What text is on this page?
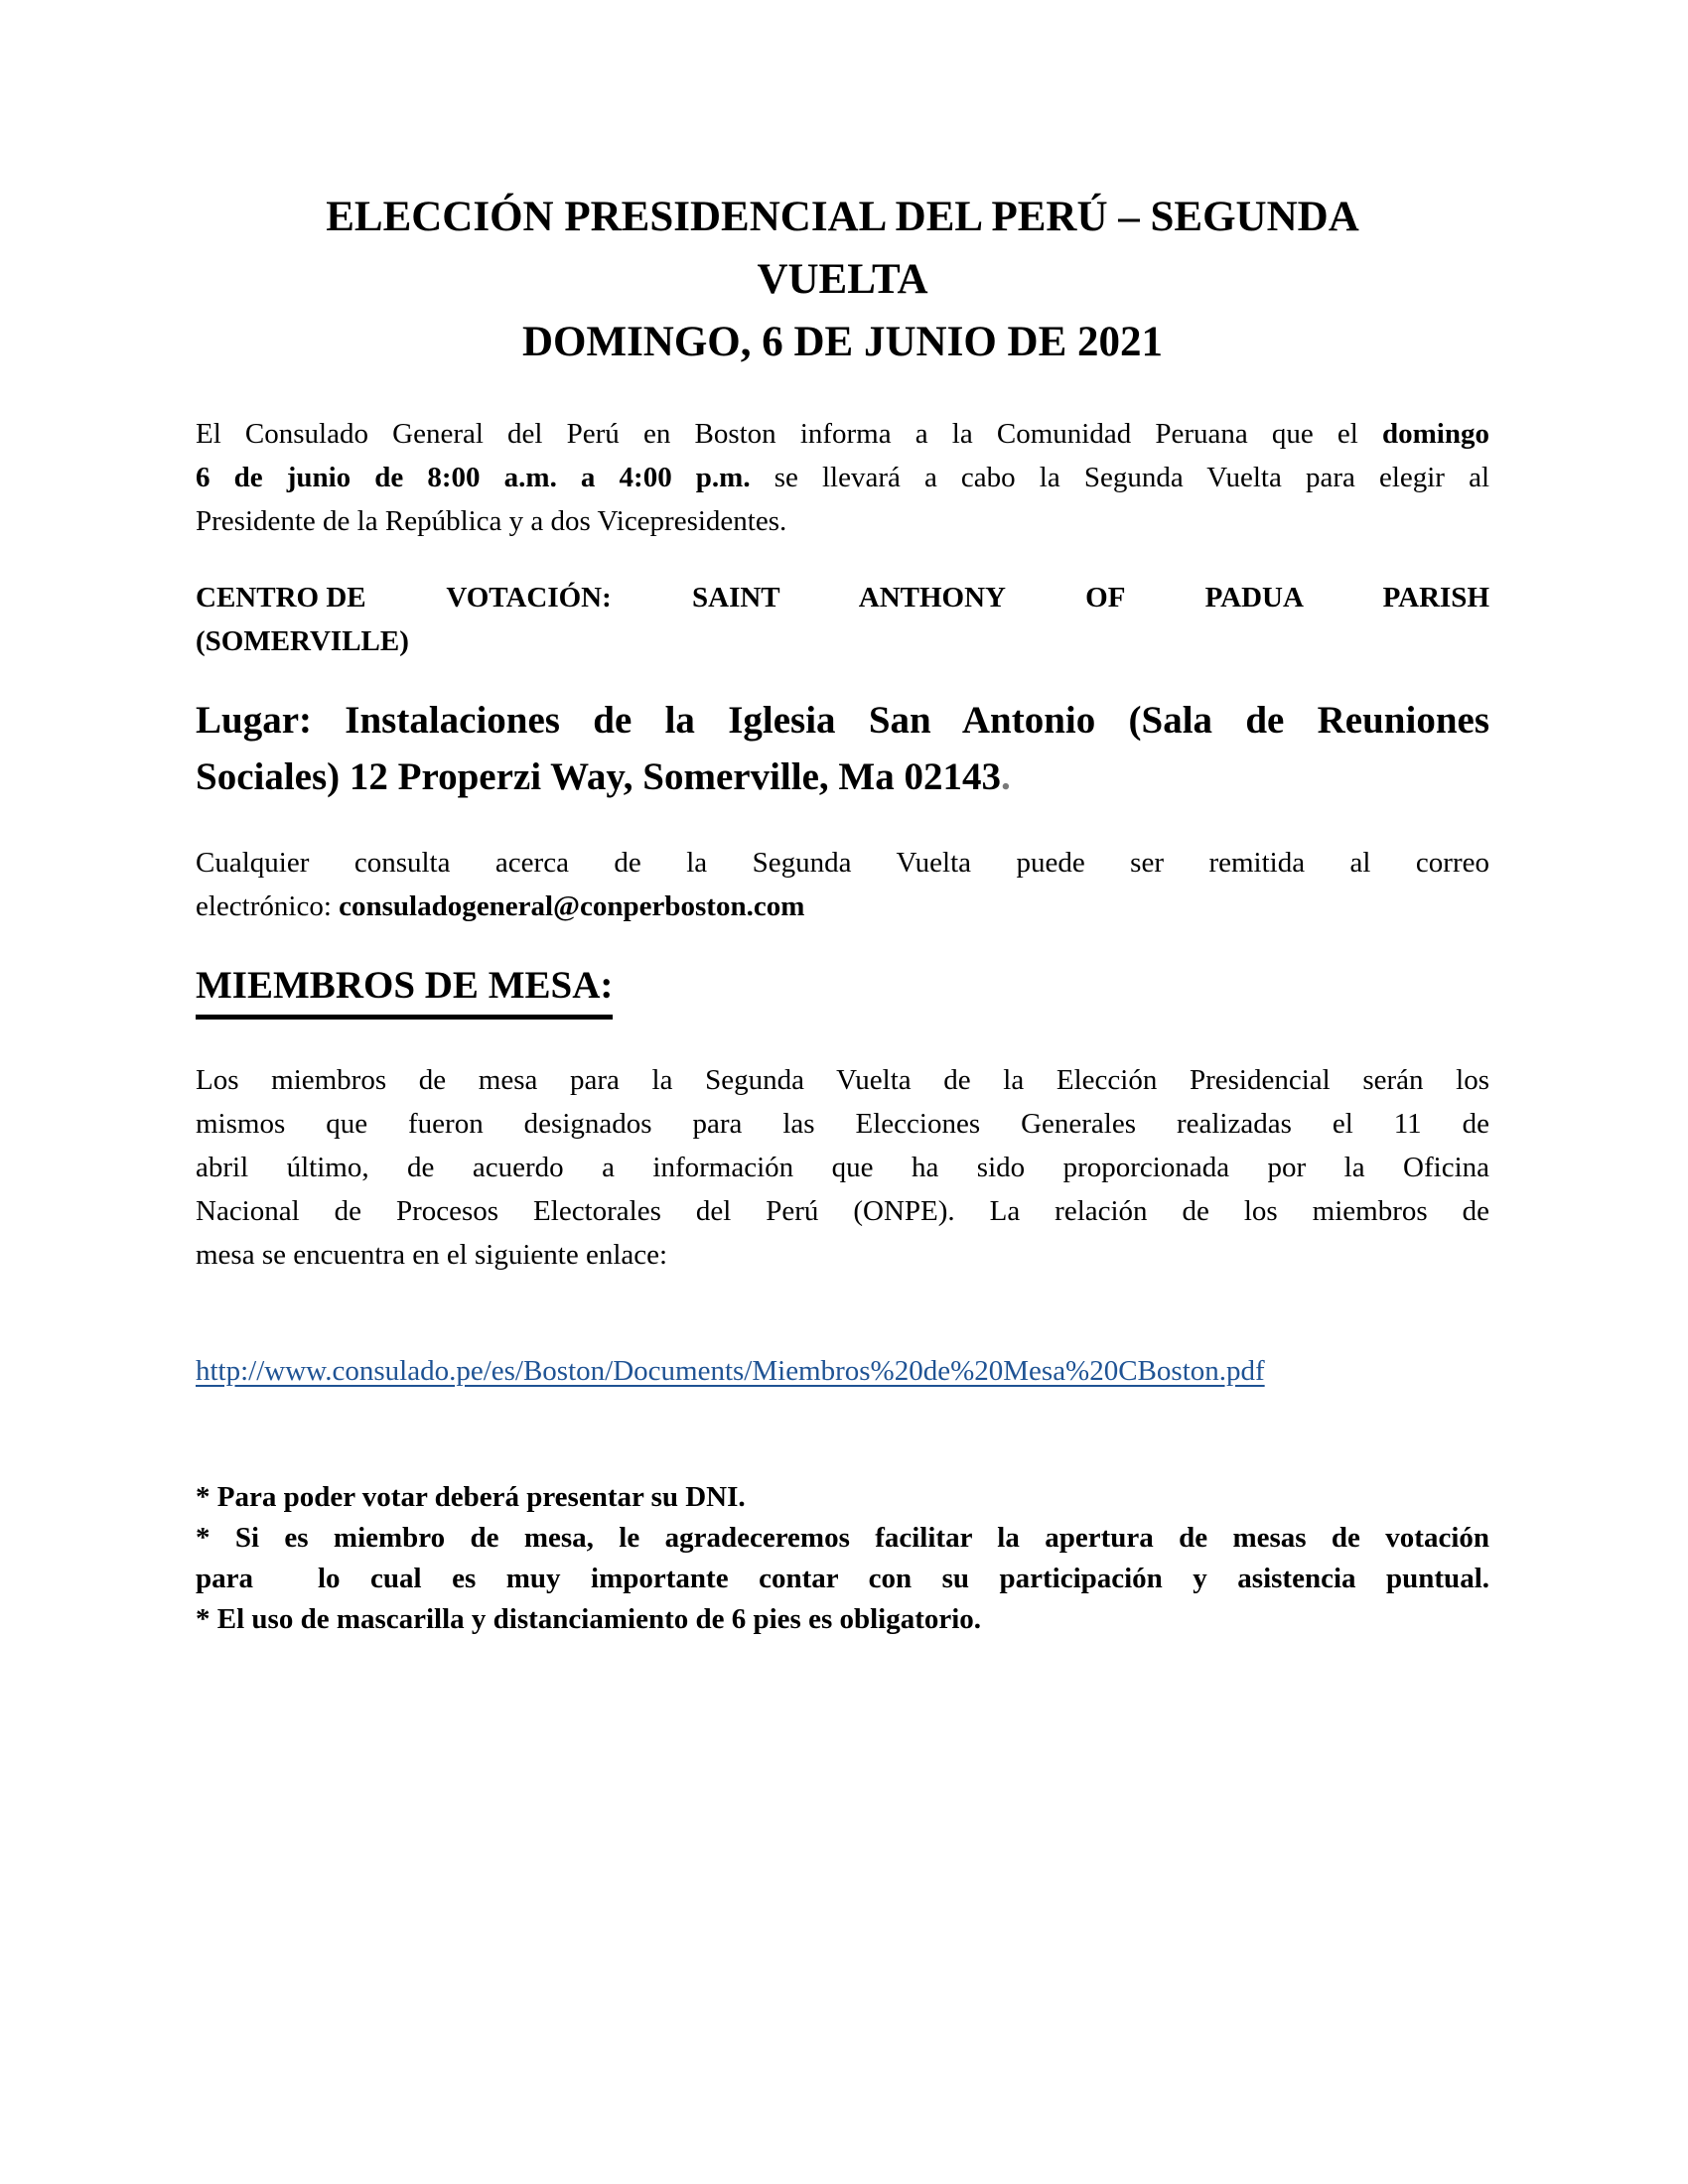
ELECCIÓN PRESIDENCIAL DEL PERÚ – SEGUNDA
VUELTA
DOMINGO, 6 DE JUNIO DE 2021
El Consulado General del Perú en Boston informa a la Comunidad Peruana que el domingo
6 de junio de 8:00 a.m. a 4:00 p.m. se llevará a cabo la Segunda Vuelta para elegir al
Presidente de la República y a dos Vicepresidentes.
CENTRO DE VOTACIÓN: SAINT ANTHONY OF PADUA PARISH
(SOMERVILLE)
Lugar: Instalaciones de la Iglesia San Antonio (Sala de Reuniones
Sociales) 12 Properzi Way, Somerville, Ma 02143.
Cualquier consulta acerca de la Segunda Vuelta puede ser remitida al correo
electrónico: consuladogeneral@conperboston.com
MIEMBROS DE MESA:
Los miembros de mesa para la Segunda Vuelta de la Elección Presidencial serán los
mismos que fueron designados para las Elecciones Generales realizadas el 11 de
abril último, de acuerdo a información que ha sido proporcionada por la Oficina
Nacional de Procesos Electorales del Perú (ONPE). La relación de los miembros de
mesa se encuentra en el siguiente enlace:
http://www.consulado.pe/es/Boston/Documents/Miembros%20de%20Mesa%20CBoston.pdf
* Para poder votar deberá presentar su DNI.
* Si es miembro de mesa, le agradeceremos facilitar la apertura de mesas de votación
para lo cual es muy importante contar con su participación y asistencia puntual.
* El uso de mascarilla y distanciamiento de 6 pies es obligatorio.
